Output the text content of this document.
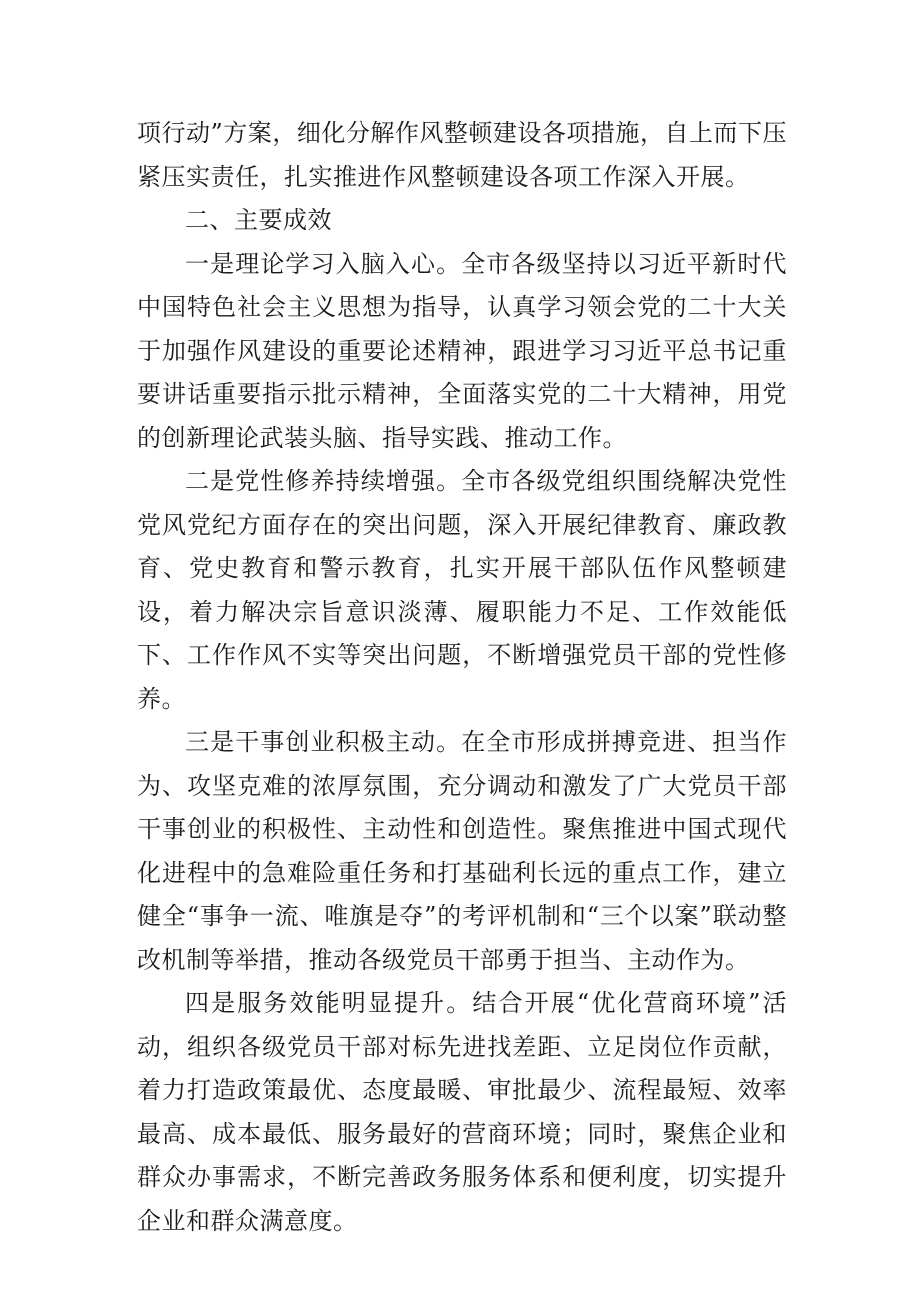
项行动”方案，细化分解作风整顿建设各项措施，自上而下压紧压实责任，扎实推进作风整顿建设各项工作深入开展。

二、主要成效

一是理论学习入脑入心。全市各级坚持以习近平新时代中国特色社会主义思想为指导，认真学习领会党的二十大关于加强作风建设的重要论述精神，跟进学习习近平总书记重要讲话重要指示批示精神，全面落实党的二十大精神，用党的创新理论武装头脑、指导实践、推动工作。

二是党性修养持续增强。全市各级党组织围绕解决党性党风党纪方面存在的突出问题，深入开展纪律教育、廉政教育、党史教育和警示教育，扎实开展干部队伍作风整顿建设，着力解决宗旨意识淡薄、履职能力不足、工作效能低下、工作作风不实等突出问题，不断增强党员干部的党性修养。

三是干事创业积极主动。在全市形成拼搏竞进、担当作为、攻坚克难的浓厚氛围，充分调动和激发了广大党员干部干事创业的积极性、主动性和创造性。聚焦推进中国式现代化进程中的急难险重任务和打基础利长远的重点工作，建立健全“事争一流、唯旗是夺”的考评机制和“三个以案”联动整改机制等举措，推动各级党员干部勇于担当、主动作为。

四是服务效能明显提升。结合开展“优化营商环境”活动，组织各级党员干部对标先进找差距、立足岗位作贡献，着力打造政策最优、态度最暖、审批最少、流程最短、效率最高、成本最低、服务最好的营商环境；同时，聚焦企业和群众办事需求，不断完善政务服务体系和便利度，切实提升企业和群众满意度。
